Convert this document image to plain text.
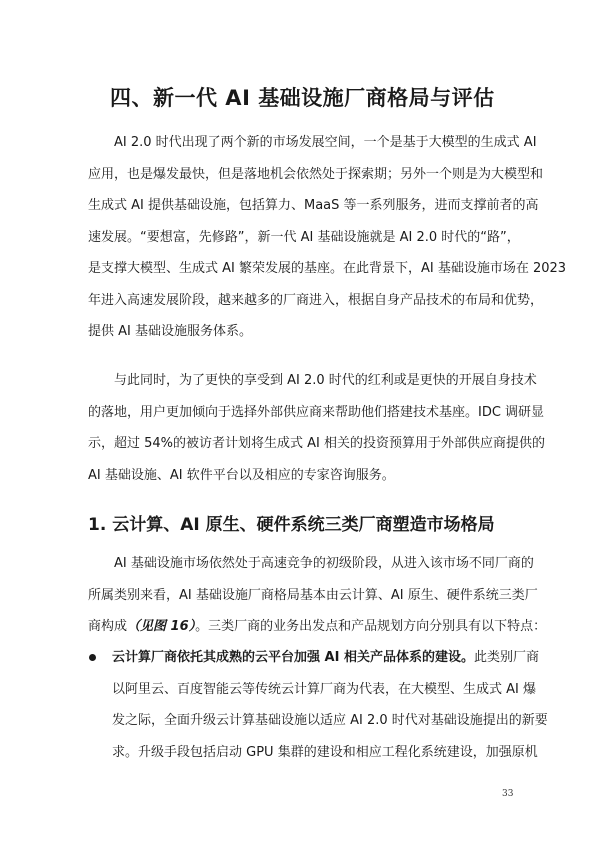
四、新一代 AI 基础设施厂商格局与评估
AI 2.0 时代出现了两个新的市场发展空间，一个是基于大模型的生成式 AI
应用，也是爆发最快，但是落地机会依然处于探索期；另外一个则是为大模型和
生成式 AI 提供基础设施，包括算力、MaaS 等一系列服务，进而支撑前者的高
速发展。“要想富，先修路”，新一代 AI 基础设施就是 AI 2.0 时代的“路”，
是支撑大模型、生成式 AI 繁荣发展的基座。在此背景下，AI 基础设施市场在 2023
年进入高速发展阶段，越来越多的厂商进入，根据自身产品技术的布局和优势，
提供 AI 基础设施服务体系。
与此同时，为了更快的享受到 AI 2.0 时代的红利或是更快的开展自身技术
的落地，用户更加倾向于选择外部供应商来帮助他们搭建技术基座。IDC 调研显
示，超过 54%的被访者计划将生成式 AI 相关的投资预算用于外部供应商提供的
AI 基础设施、AI 软件平台以及相应的专家咨询服务。
1. 云计算、AI 原生、硬件系统三类厂商塑造市场格局
AI 基础设施市场依然处于高速竞争的初级阶段，从进入该市场不同厂商的
所属类别来看，AI 基础设施厂商格局基本由云计算、AI 原生、硬件系统三类厂
商构成（见图 16）。三类厂商的业务出发点和产品规划方向分别具有以下特点：
云计算厂商依托其成熟的云平台加强 AI 相关产品体系的建设。此类别厂商
以阿里云、百度智能云等传统云计算厂商为代表，在大模型、生成式 AI 爆
发之际，全面升级云计算基础设施以适应 AI 2.0 时代对基础设施提出的新要
求。升级手段包括启动 GPU 集群的建设和相应工程化系统建设，加强原机
33
